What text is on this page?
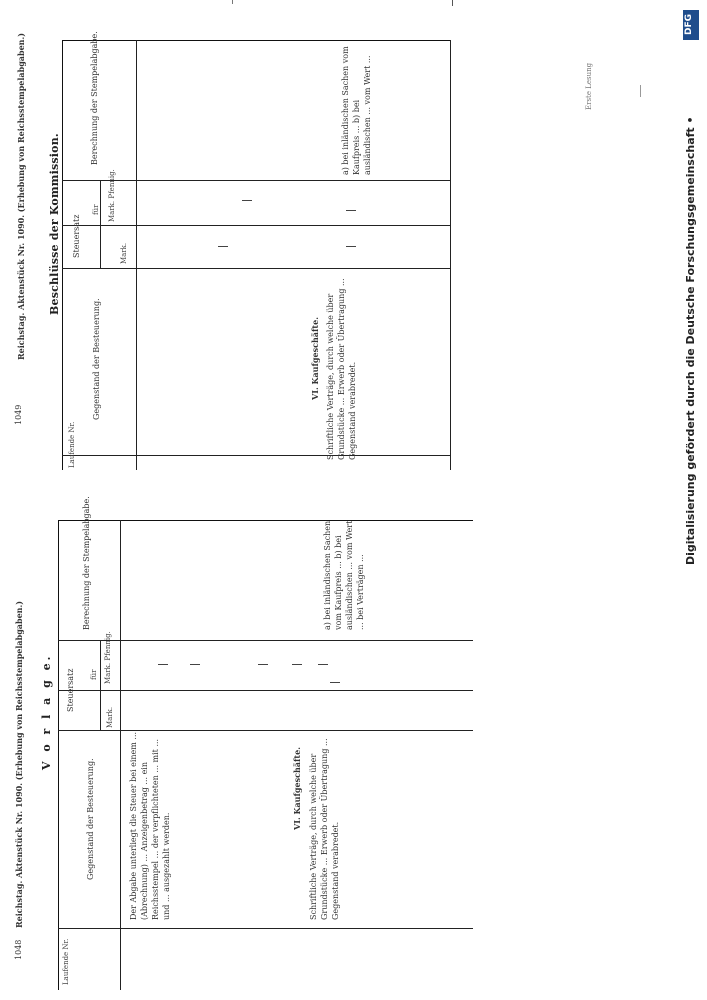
1048
Reichstag. Aktenstück Nr. 1090. (Erhebung von Reichsstempelabgaben.) V o r l a g e.
Laufende Nr.
Gegenstand der Besteuerung.
Steuersatz
Mark.
für Mark. Pfennig.
Berechnung der Stempelabgabe.
Der Abgabe unterliegt die Steuer bei einem ... (Abrechnung) ... Anzeigenbetrag ... ein Reichsstempel ... der verpflichteten ... mit ... und ... ausgezahlt werden.
VI. Kaufgeschäfte. Schriftliche Verträge, durch welche über Grundstücke ... Erwerb oder Übertragung ... Gegenstand verabredet.
a) bei inländischen Sachen vom Kaufpreis ... b) bei ausländischen ... vom Wert ... bei Verträgen ...
1049
Reichstag. Aktenstück Nr. 1090. (Erhebung von Reichsstempelabgaben.) Beschlüsse der Kommission.
Laufende Nr.
Gegenstand der Besteuerung.
Steuersatz	Mark.
für Mark. Pfennig.
Berechnung der Stempelabgabe.
VI. Kaufgeschäfte. Schriftliche Verträge, durch welche über Grundstücke ... Erwerb oder Übertragung ... Gegenstand verabredet.
a) bei inländischen Sachen vom Kaufpreis ... b) bei ausländischen ... vom Wert ...	Erste Lesung
DFG
Digitalisierung gefördert durch die Deutsche Forschungsgemeinschaft •
